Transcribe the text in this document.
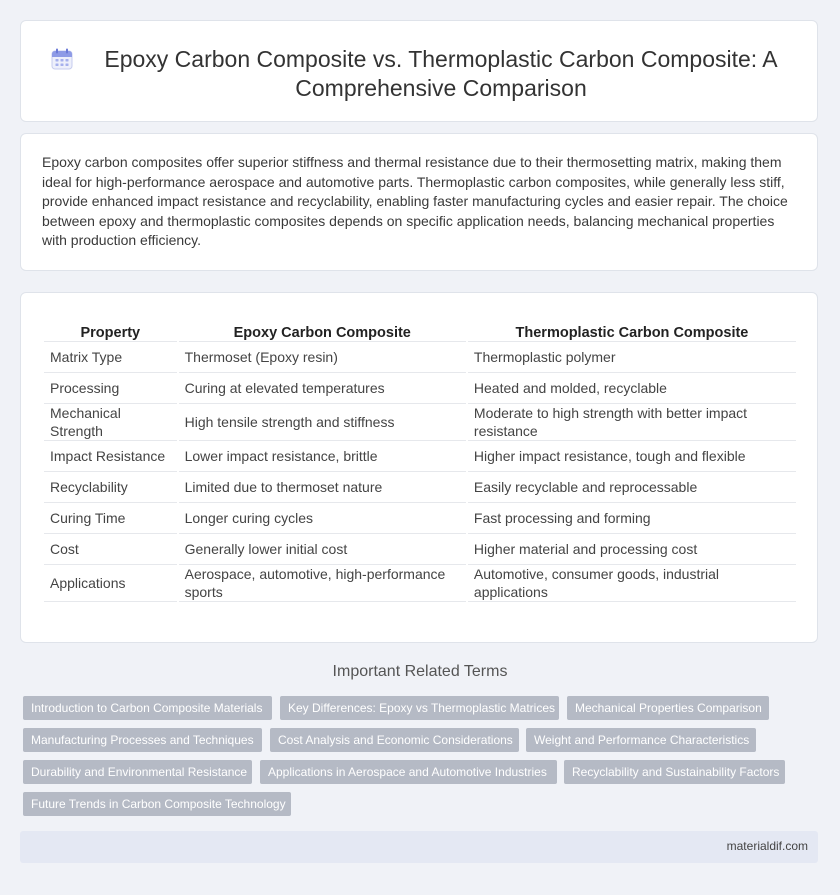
Epoxy Carbon Composite vs. Thermoplastic Carbon Composite: A Comprehensive Comparison

Epoxy carbon composites offer superior stiffness and thermal resistance due to their thermosetting matrix, making them ideal for high-performance aerospace and automotive parts. Thermoplastic carbon composites, while generally less stiff, provide enhanced impact resistance and recyclability, enabling faster manufacturing cycles and easier repair. The choice between epoxy and thermoplastic composites depends on specific application needs, balancing mechanical properties with production efficiency.

Property	Epoxy Carbon Composite	Thermoplastic Carbon Composite
Matrix Type	Thermoset (Epoxy resin)	Thermoplastic polymer
Processing	Curing at elevated temperatures	Heated and molded, recyclable
Mechanical Strength	High tensile strength and stiffness	Moderate to high strength with better impact resistance
Impact Resistance	Lower impact resistance, brittle	Higher impact resistance, tough and flexible
Recyclability	Limited due to thermoset nature	Easily recyclable and reprocessable
Curing Time	Longer curing cycles	Fast processing and forming
Cost	Generally lower initial cost	Higher material and processing cost
Applications	Aerospace, automotive, high-performance sports	Automotive, consumer goods, industrial applications
Important Related Terms
Introduction to Carbon Composite Materials	Key Differences: Epoxy vs Thermoplastic Matrices	Mechanical Properties Comparison
Manufacturing Processes and Techniques	Cost Analysis and Economic Considerations	Weight and Performance Characteristics
Durability and Environmental Resistance	Applications in Aerospace and Automotive Industries	Recyclability and Sustainability Factors
Future Trends in Carbon Composite Technology
materialdif.com
